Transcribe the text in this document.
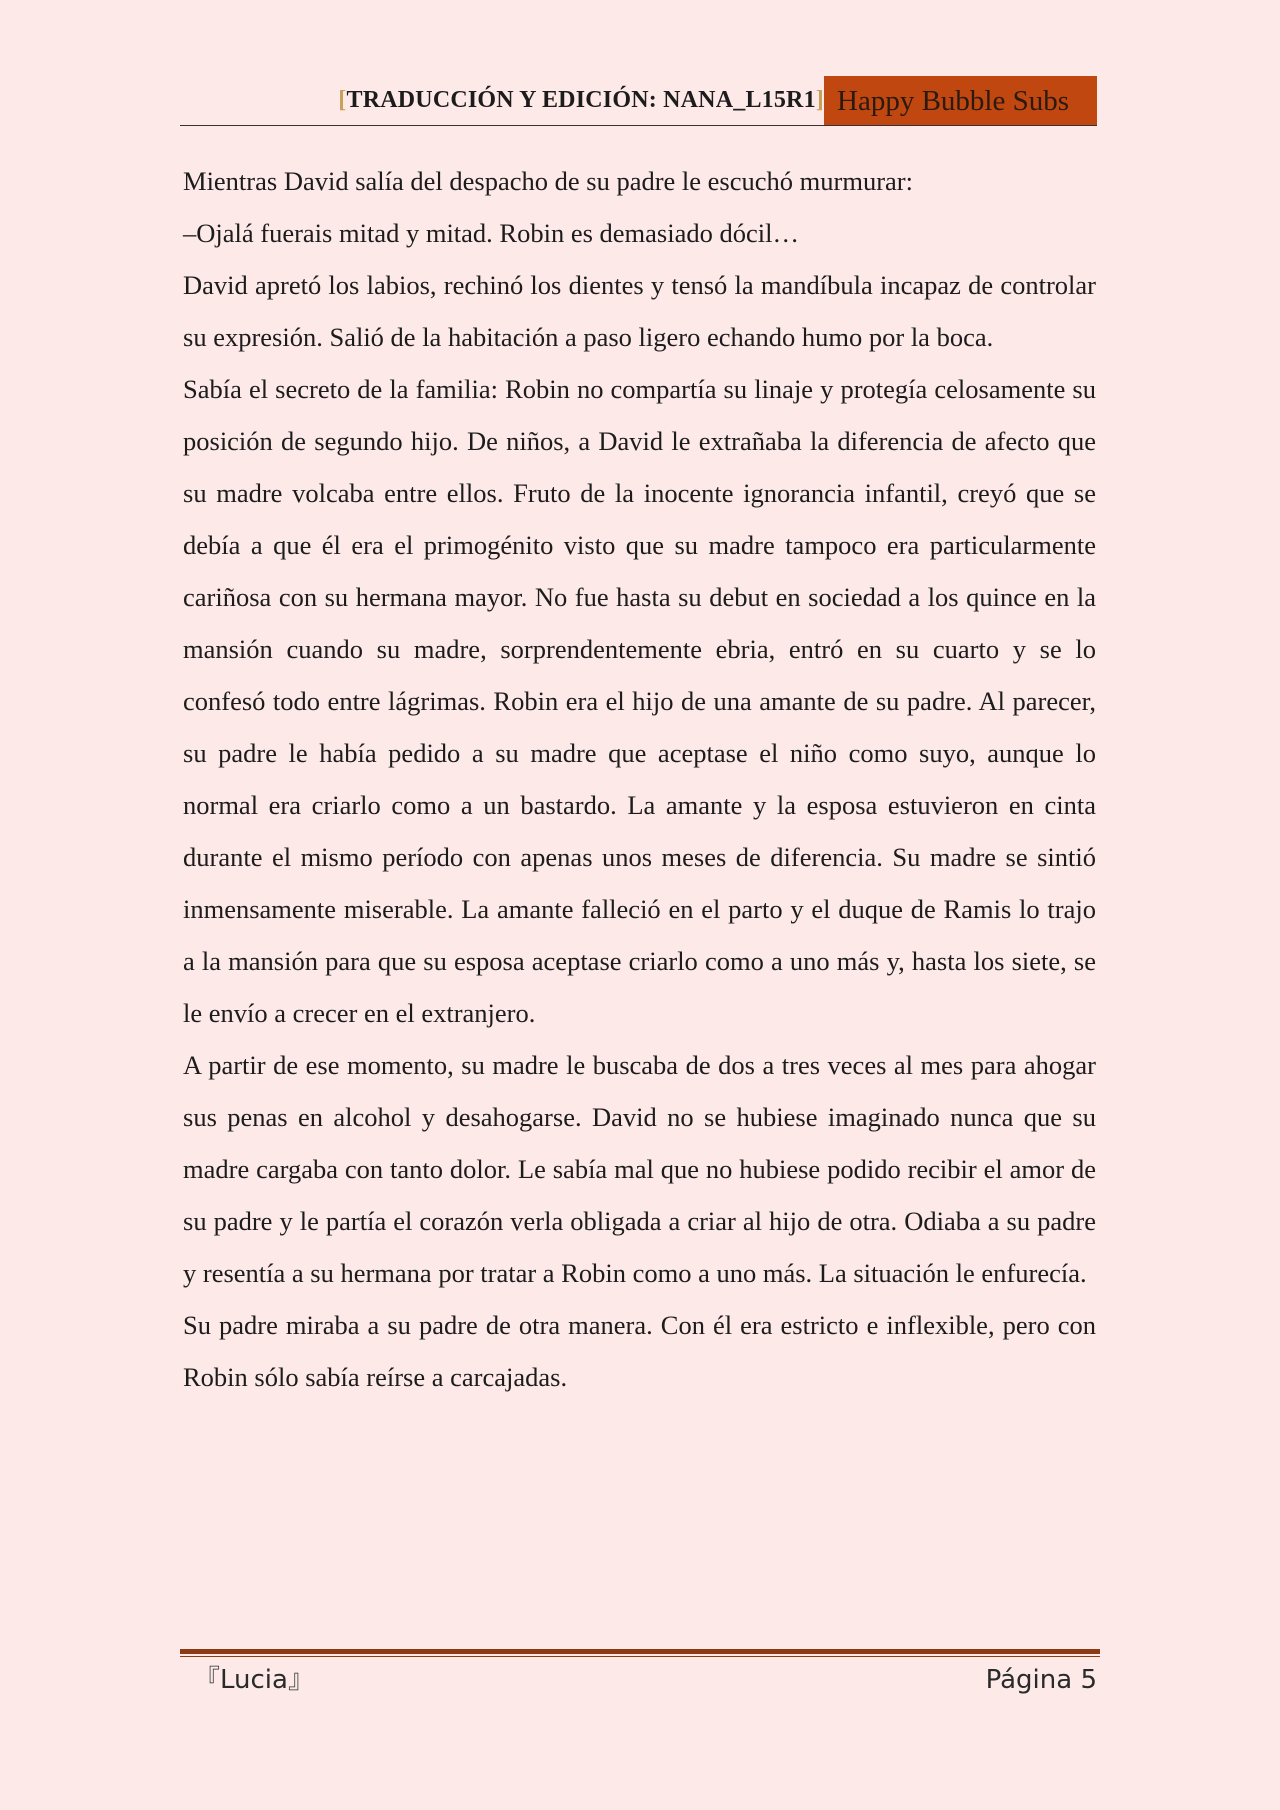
[TRADUCCIÓN Y EDICIÓN: NANA_L15R1] Happy Bubble Subs

Mientras David salía del despacho de su padre le escuchó murmurar:

–Ojalá fuerais mitad y mitad. Robin es demasiado dócil…

David apretó los labios, rechinó los dientes y tensó la mandíbula incapaz de controlar su expresión. Salió de la habitación a paso ligero echando humo por la boca.

Sabía el secreto de la familia: Robin no compartía su linaje y protegía celosamente su posición de segundo hijo. De niños, a David le extrañaba la diferencia de afecto que su madre volcaba entre ellos. Fruto de la inocente ignorancia infantil, creyó que se debía a que él era el primogénito visto que su madre tampoco era particularmente cariñosa con su hermana mayor. No fue hasta su debut en sociedad a los quince en la mansión cuando su madre, sorprendentemente ebria, entró en su cuarto y se lo confesó todo entre lágrimas. Robin era el hijo de una amante de su padre. Al parecer, su padre le había pedido a su madre que aceptase el niño como suyo, aunque lo normal era criarlo como a un bastardo. La amante y la esposa estuvieron en cinta durante el mismo período con apenas unos meses de diferencia. Su madre se sintió inmensamente miserable. La amante falleció en el parto y el duque de Ramis lo trajo a la mansión para que su esposa aceptase criarlo como a uno más y, hasta los siete, se le envío a crecer en el extranjero.

A partir de ese momento, su madre le buscaba de dos a tres veces al mes para ahogar sus penas en alcohol y desahogarse. David no se hubiese imaginado nunca que su madre cargaba con tanto dolor. Le sabía mal que no hubiese podido recibir el amor de su padre y le partía el corazón verla obligada a criar al hijo de otra. Odiaba a su padre y resentía a su hermana por tratar a Robin como a uno más. La situación le enfurecía.

Su padre miraba a su padre de otra manera. Con él era estricto e inflexible, pero con Robin sólo sabía reírse a carcajadas.

『Lucia』	Página 5
